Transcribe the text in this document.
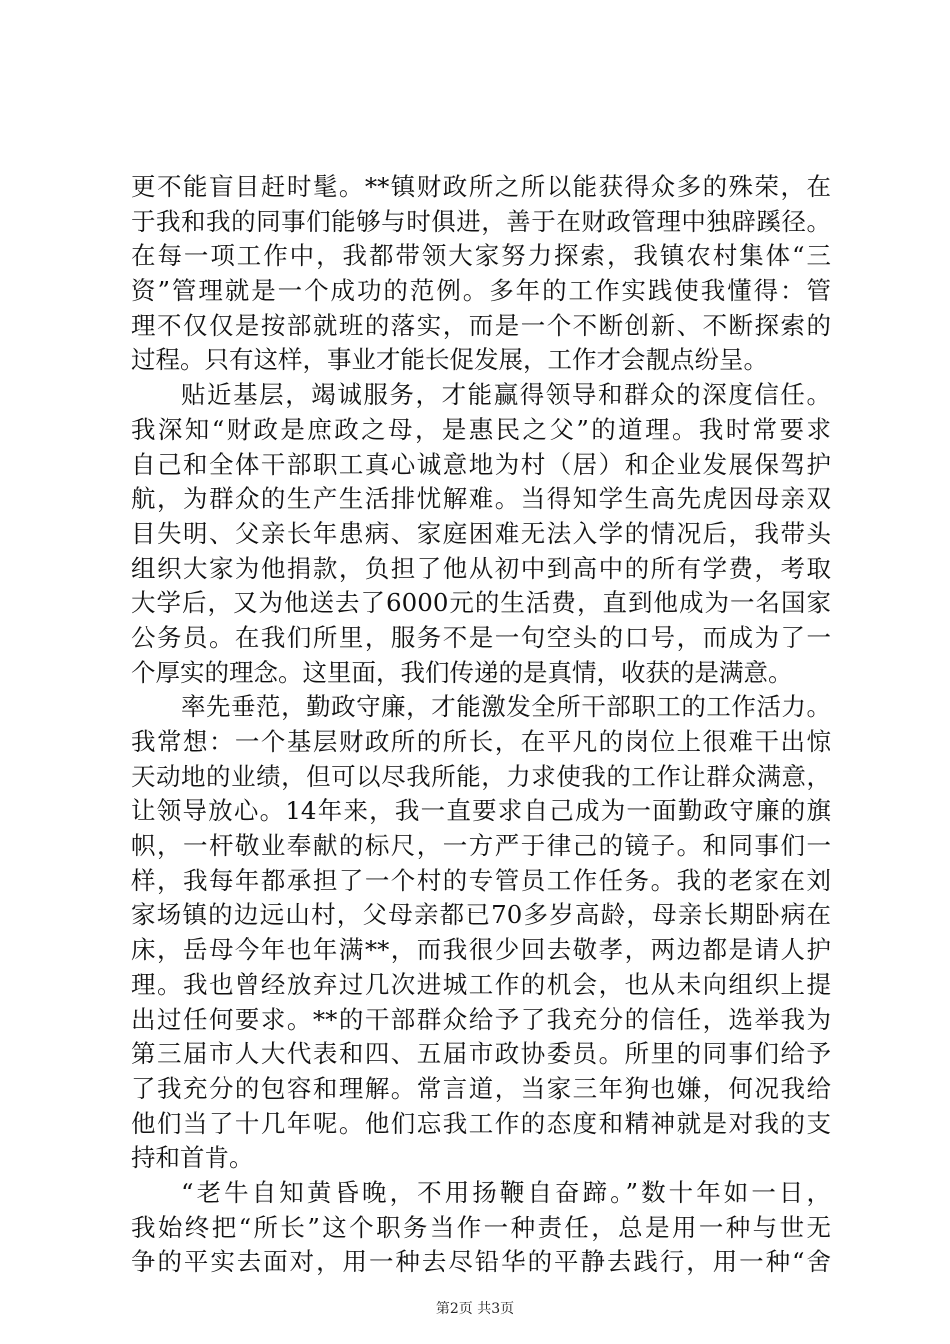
更不能盲目赶时髦。**镇财政所之所以能获得众多的殊荣，在
于我和我的同事们能够与时俱进，善于在财政管理中独辟蹊径。
在每一项工作中，我都带领大家努力探索，我镇农村集体“三
资”管理就是一个成功的范例。多年的工作实践使我懂得：管
理不仅仅是按部就班的落实，而是一个不断创新、不断探索的
过程。只有这样，事业才能长促发展，工作才会靓点纷呈。
贴近基层，竭诚服务，才能赢得领导和群众的深度信任。
我深知“财政是庶政之母，是惠民之父”的道理。我时常要求
自己和全体干部职工真心诚意地为村（居）和企业发展保驾护
航，为群众的生产生活排忧解难。当得知学生高先虎因母亲双
目失明、父亲长年患病、家庭困难无法入学的情况后，我带头
组织大家为他捐款，负担了他从初中到高中的所有学费，考取
大学后，又为他送去了6000元的生活费，直到他成为一名国家
公务员。在我们所里，服务不是一句空头的口号，而成为了一
个厚实的理念。这里面，我们传递的是真情，收获的是满意。
率先垂范，勤政守廉，才能激发全所干部职工的工作活力。
我常想：一个基层财政所的所长，在平凡的岗位上很难干出惊
天动地的业绩，但可以尽我所能，力求使我的工作让群众满意，
让领导放心。14年来，我一直要求自己成为一面勤政守廉的旗
帜，一杆敬业奉献的标尺，一方严于律己的镜子。和同事们一
样，我每年都承担了一个村的专管员工作任务。我的老家在刘
家场镇的边远山村，父母亲都已70多岁高龄，母亲长期卧病在
床，岳母今年也年满**，而我很少回去敬孝，两边都是请人护
理。我也曾经放弃过几次进城工作的机会，也从未向组织上提
出过任何要求。**的干部群众给予了我充分的信任，选举我为
第三届市人大代表和四、五届市政协委员。所里的同事们给予
了我充分的包容和理解。常言道，当家三年狗也嫌，何况我给
他们当了十几年呢。他们忘我工作的态度和精神就是对我的支
持和首肯。
“老牛自知黄昏晚，不用扬鞭自奋蹄。”数十年如一日，
我始终把“所长”这个职务当作一种责任，总是用一种与世无
争的平实去面对，用一种去尽铅华的平静去践行，用一种“舍
第2页 共3页
